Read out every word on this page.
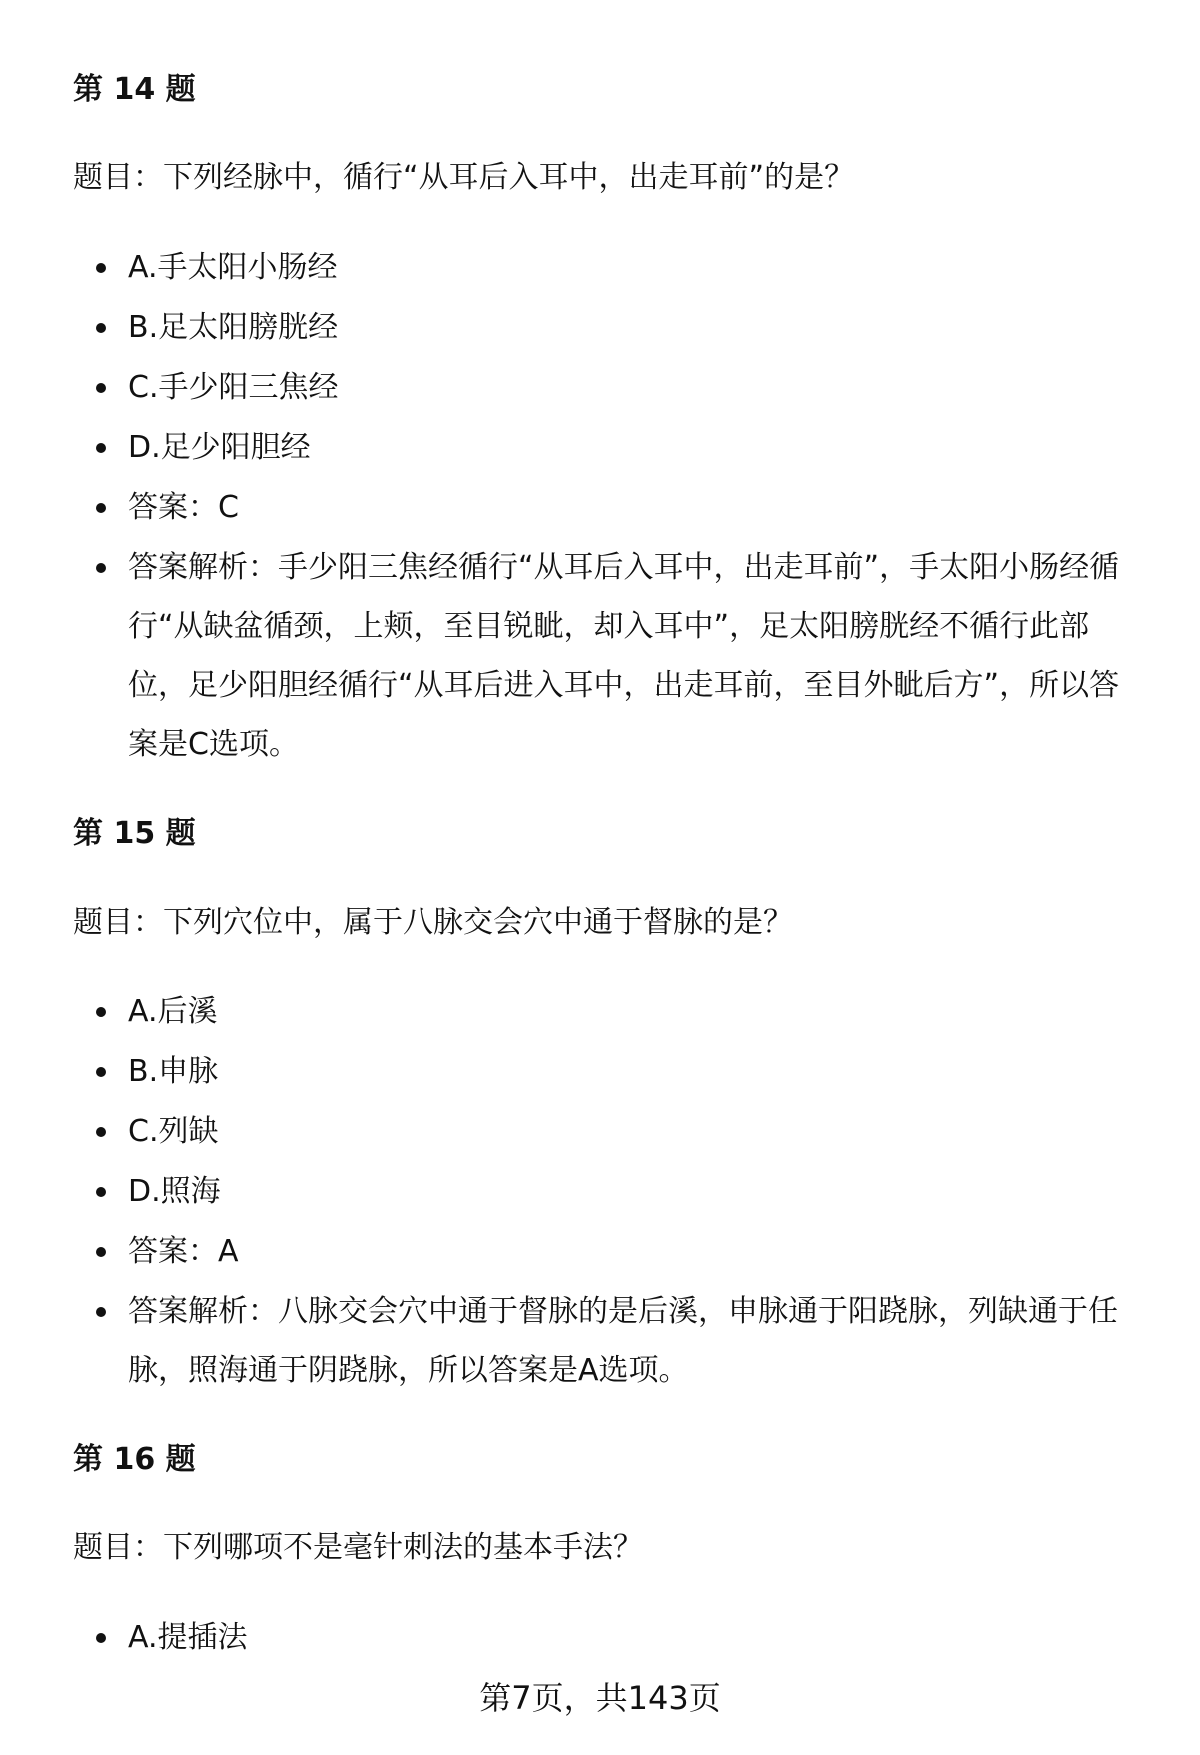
第 14 题

题目：下列经脉中，循行“从耳后入耳中，出走耳前”的是？

A.手太阳小肠经
B.足太阳膀胱经
C.手少阳三焦经
D.足少阳胆经
答案：C
答案解析：手少阳三焦经循行“从耳后入耳中，出走耳前”，手太阳小肠经循行“从缺盆循颈，上颊，至目锐眦，却入耳中”，足太阳膀胱经不循行此部位，足少阳胆经循行“从耳后进入耳中，出走耳前，至目外眦后方”，所以答案是C选项。
第 15 题

题目：下列穴位中，属于八脉交会穴中通于督脉的是？

A.后溪
B.申脉
C.列缺
D.照海
答案：A
答案解析：八脉交会穴中通于督脉的是后溪，申脉通于阳跷脉，列缺通于任脉，照海通于阴跷脉，所以答案是A选项。
第 16 题

题目：下列哪项不是毫针刺法的基本手法？

A.提插法
第7页，共143页
